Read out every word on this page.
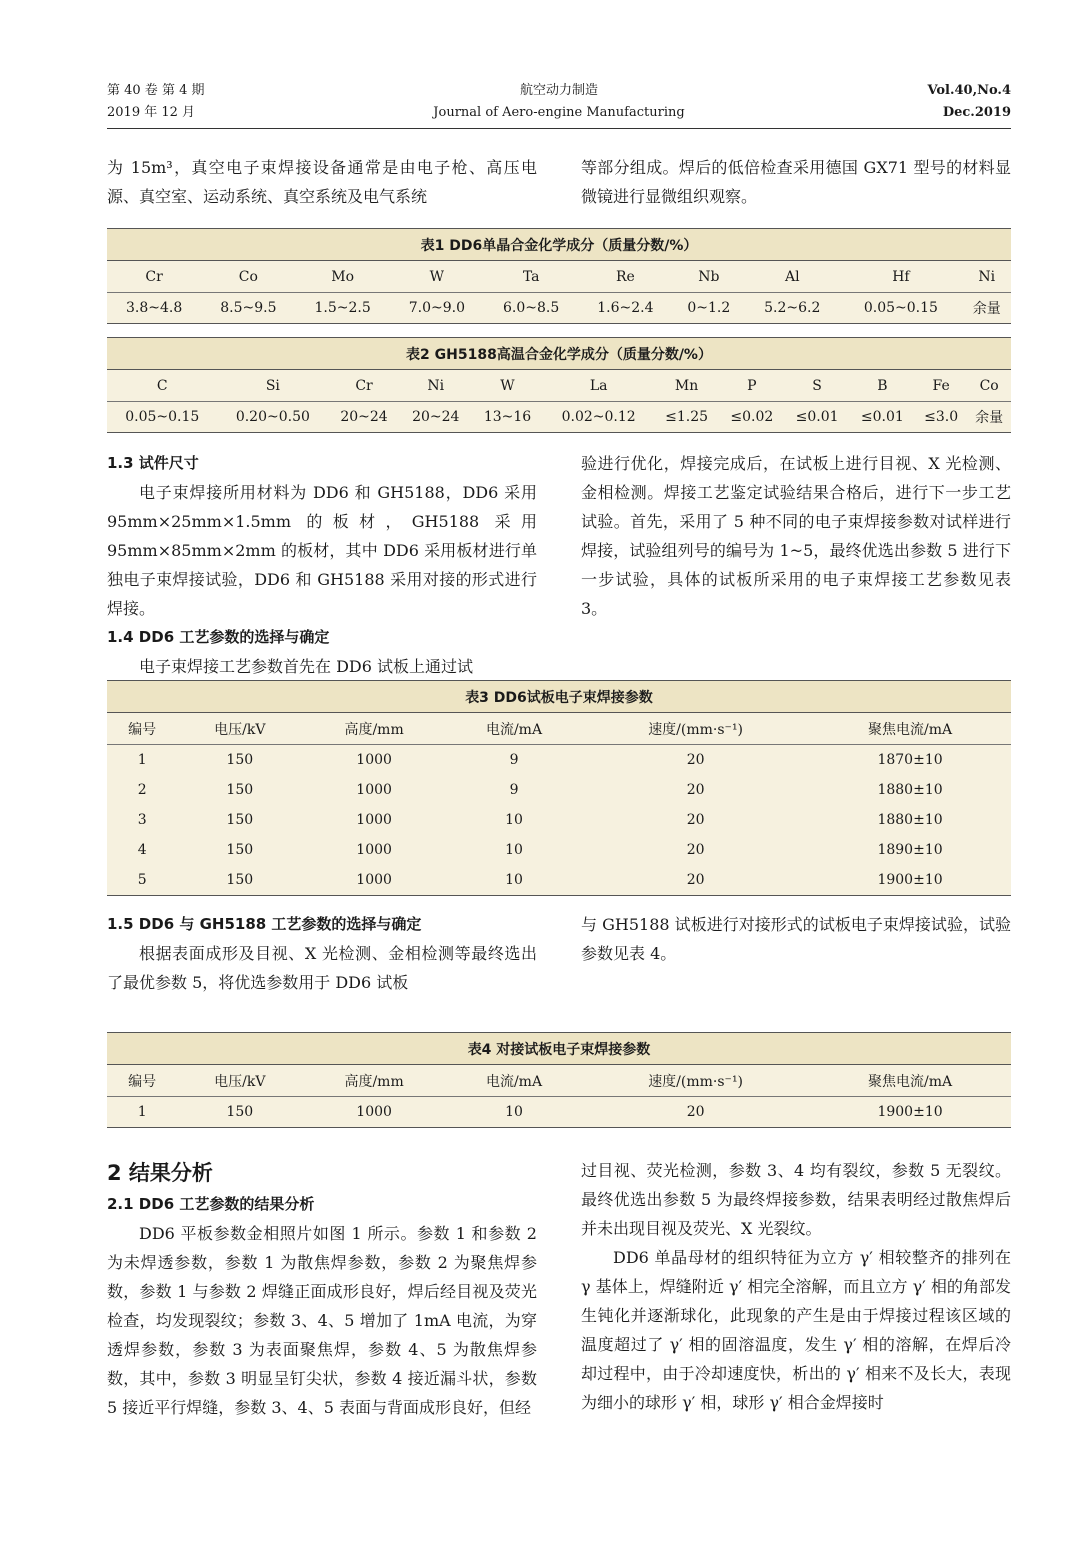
第 40 卷 第 4 期
2019 年 12 月
航空动力制造
Journal of Aero-engine Manufacturing
Vol.40,No.4
Dec.2019

为 15m³，真空电子束焊接设备通常是由电子枪、高压电源、真空室、运动系统、真空系统及电气系统

等部分组成。焊后的低倍检查采用德国 GX71 型号的材料显微镜进行显微组织观察。

表1 DD6单晶合金化学成分（质量分数/%）									
Cr	Co	Mo	W	Ta	Re	Nb	Al	Hf	Ni
3.8~4.8	8.5~9.5	1.5~2.5	7.0~9.0	6.0~8.5	1.6~2.4	0~1.2	5.2~6.2	0.05~0.15	余量
表2 GH5188高温合金化学成分（质量分数/%）											
C	Si	Cr	Ni	W	La	Mn	P	S	B	Fe	Co
0.05~0.15	0.20~0.50	20~24	20~24	13~16	0.02~0.12	≤1.25	≤0.02	≤0.01	≤0.01	≤3.0	余量

1.3 试件尺寸

电子束焊接所用材料为 DD6 和 GH5188，DD6 采用 95mm×25mm×1.5mm 的板材，GH5188 采用 95mm×85mm×2mm 的板材，其中 DD6 采用板材进行单独电子束焊接试验，DD6 和 GH5188 采用对接的形式进行焊接。

1.4 DD6 工艺参数的选择与确定

电子束焊接工艺参数首先在 DD6 试板上通过试

验进行优化，焊接完成后，在试板上进行目视、X 光检测、金相检测。焊接工艺鉴定试验结果合格后，进行下一步工艺试验。首先，采用了 5 种不同的电子束焊接参数对试样进行焊接，试验组列号的编号为 1~5，最终优选出参数 5 进行下一步试验，具体的试板所采用的电子束焊接工艺参数见表 3。

表3 DD6试板电子束焊接参数					
编号	电压/kV	高度/mm	电流/mA	速度/(mm·s⁻¹)	聚焦电流/mA
1	150	1000	9	20	1870±10
2	150	1000	9	20	1880±10
3	150	1000	10	20	1880±10
4	150	1000	10	20	1890±10
5	150	1000	10	20	1900±10

1.5 DD6 与 GH5188 工艺参数的选择与确定

根据表面成形及目视、X 光检测、金相检测等最终选出了最优参数 5，将优选参数用于 DD6 试板

与 GH5188 试板进行对接形式的试板电子束焊接试验，试验参数见表 4。

表4 对接试板电子束焊接参数					
编号	电压/kV	高度/mm	电流/mA	速度/(mm·s⁻¹)	聚焦电流/mA
1	150	1000	10	20	1900±10

2 结果分析

2.1 DD6 工艺参数的结果分析

DD6 平板参数金相照片如图 1 所示。参数 1 和参数 2 为未焊透参数，参数 1 为散焦焊参数，参数 2 为聚焦焊参数，参数 1 与参数 2 焊缝正面成形良好，焊后经目视及荧光检查，均发现裂纹；参数 3、4、5 增加了 1mA 电流，为穿透焊参数，参数 3 为表面聚焦焊，参数 4、5 为散焦焊参数，其中，参数 3 明显呈钉尖状，参数 4 接近漏斗状，参数 5 接近平行焊缝，参数 3、4、5 表面与背面成形良好，但经

过目视、荧光检测，参数 3、4 均有裂纹，参数 5 无裂纹。最终优选出参数 5 为最终焊接参数，结果表明经过散焦焊后并未出现目视及荧光、X 光裂纹。

DD6 单晶母材的组织特征为立方 γ′ 相较整齐的排列在 γ 基体上，焊缝附近 γ′ 相完全溶解，而且立方 γ′ 相的角部发生钝化并逐渐球化，此现象的产生是由于焊接过程该区域的温度超过了 γ′ 相的固溶温度，发生 γ′ 相的溶解，在焊后冷却过程中，由于冷却速度快，析出的 γ′ 相来不及长大，表现为细小的球形 γ′ 相，球形 γ′ 相合金焊接时
